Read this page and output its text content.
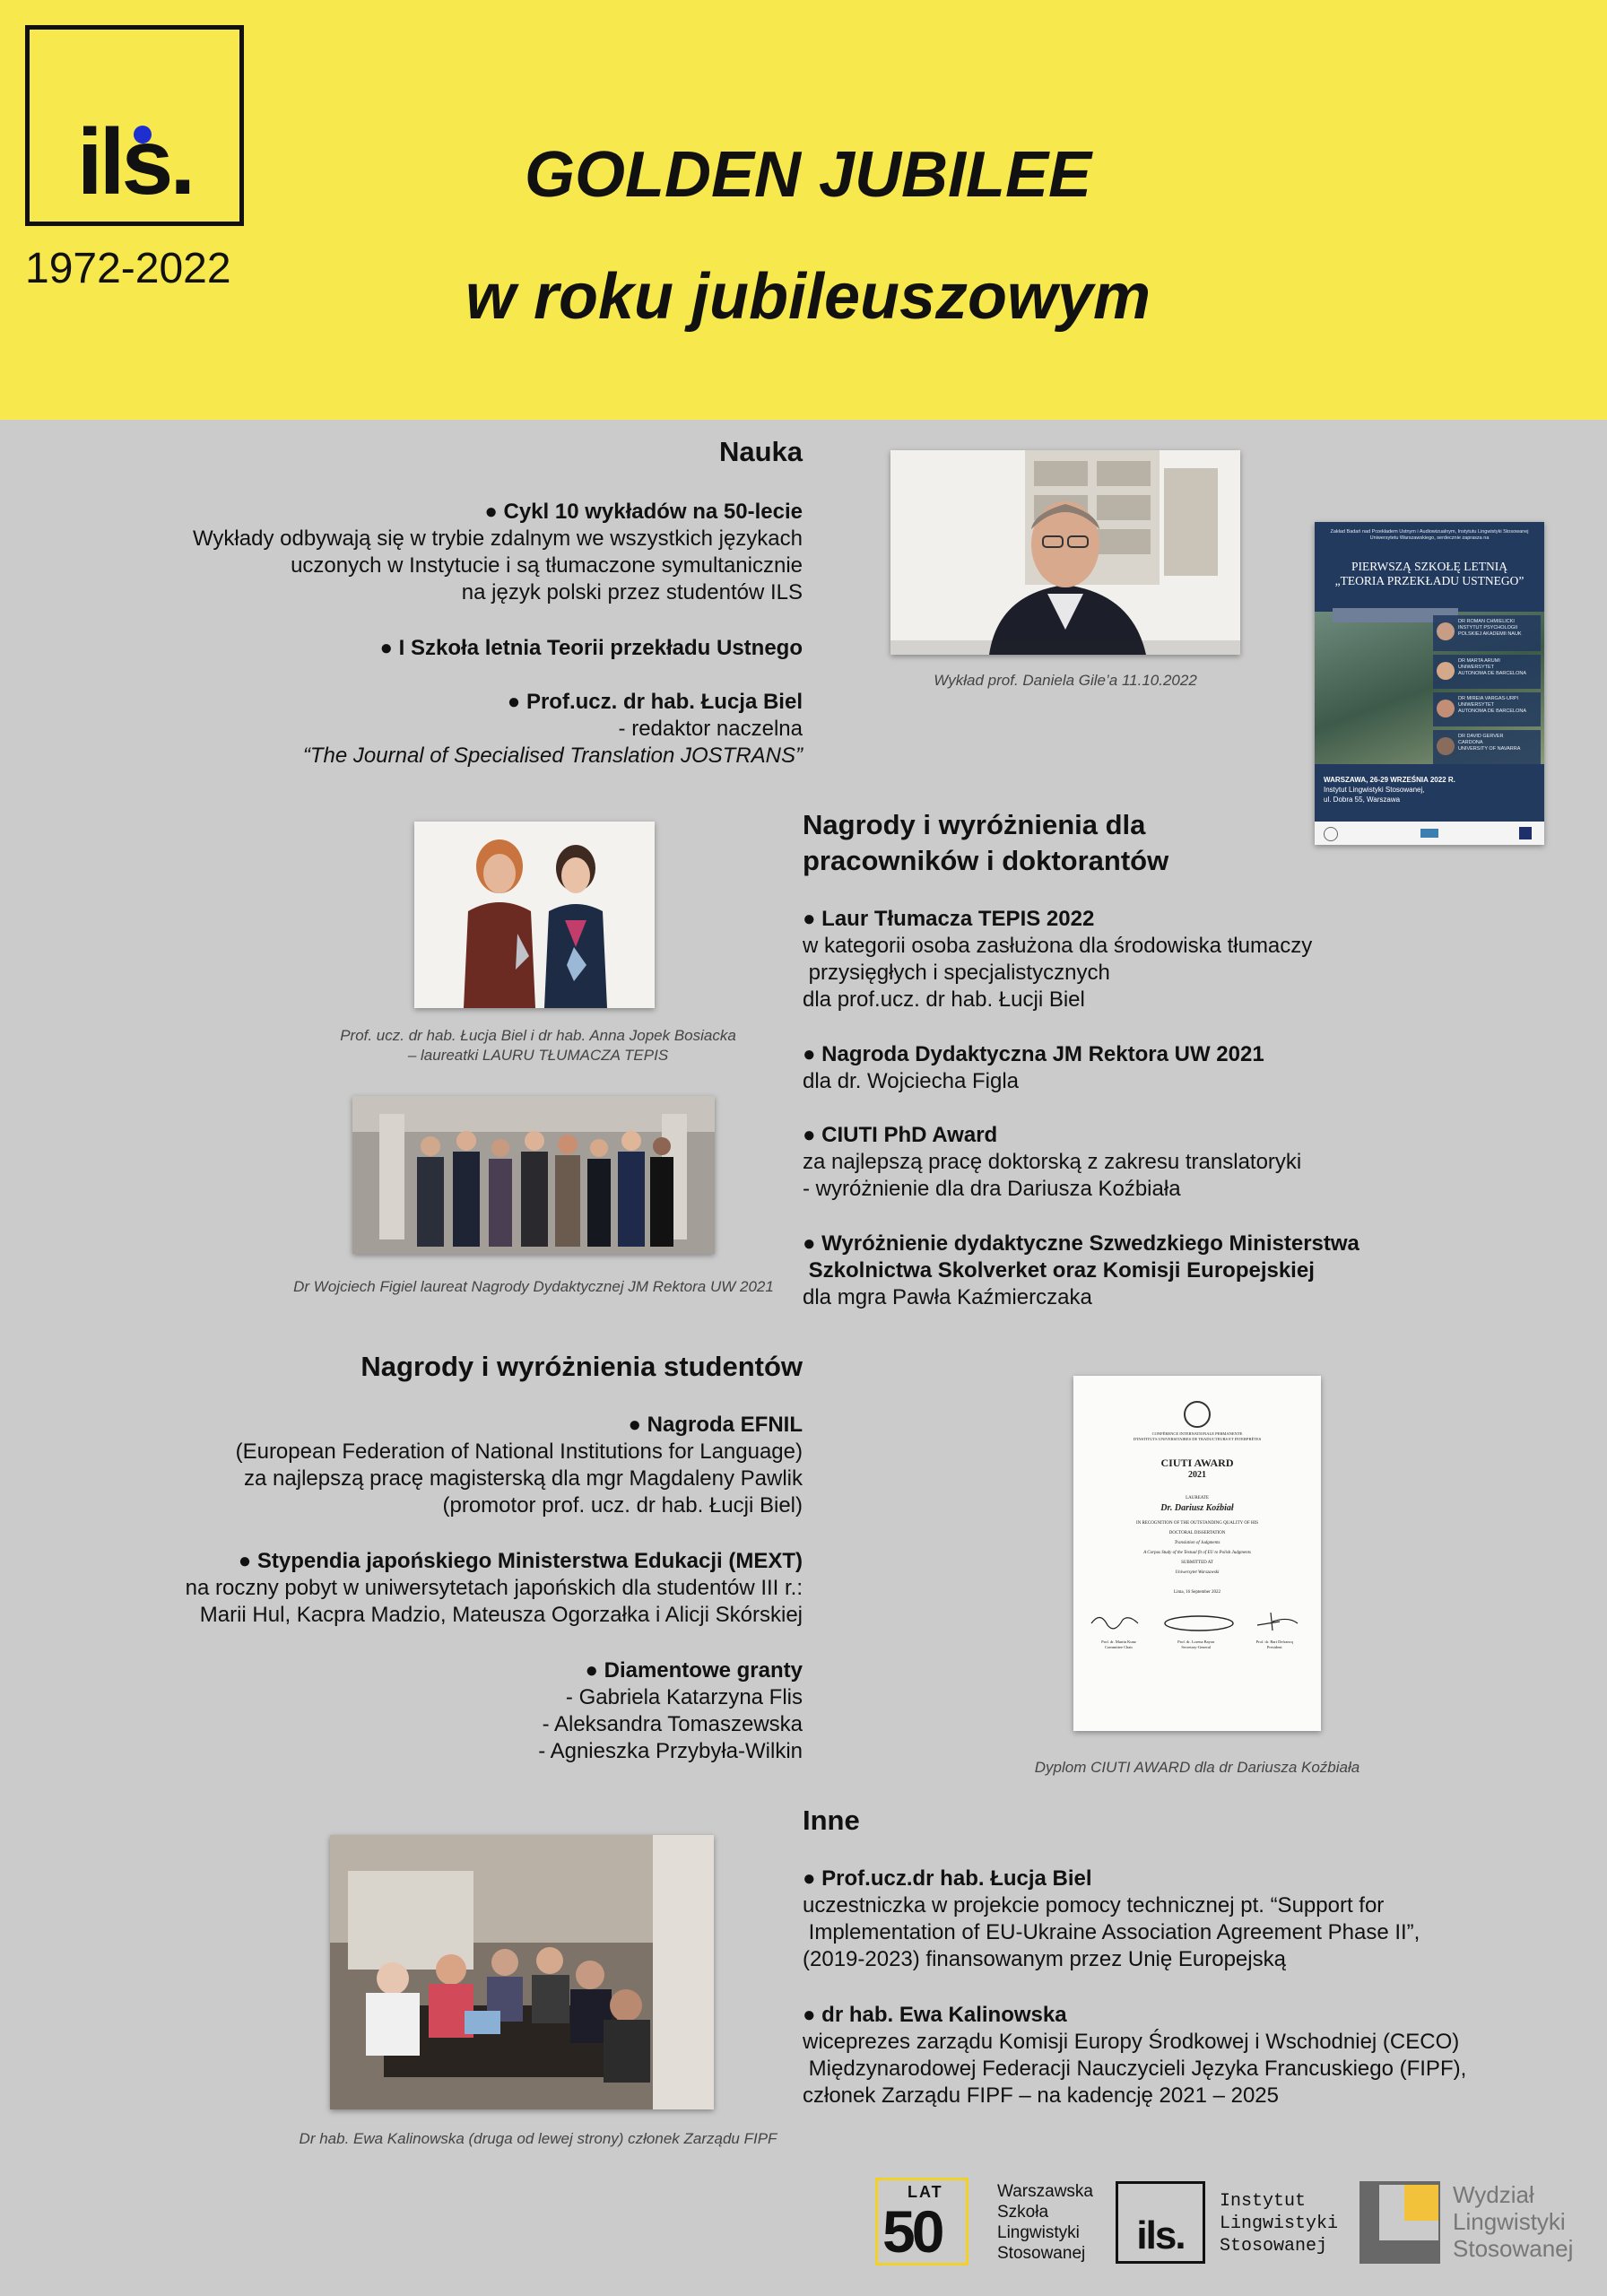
ils.
1972-2022
GOLDEN JUBILEE
w roku jubileuszowym
Nauka
● Cykl 10 wykładów na 50-lecie
Wykłady odbywają się w trybie zdalnym we wszystkich językach
uczonych w Instytucie i są tłumaczone symultanicznie
na język polski przez studentów ILS
● I Szkoła letnia Teorii przekładu Ustnego
● Prof.ucz. dr hab. Łucja Biel
- redaktor naczelna
“The Journal of Specialised Translation JOSTRANS”
Wykład prof. Daniela Gile’a 11.10.2022
Zakład Badań nad Przekładem Ustnym i Audiowizualnym, Instytutu Lingwistyki Stosowanej
Uniwersytetu Warszawskiego, serdecznie zaprasza na
PIERWSZĄ SZKOŁĘ LETNIĄ
„TEORIA PRZEKŁADU USTNEGO”
DR ROMAN CHMIELICKI
INSTYTUT PSYCHOLOGII
POLSKIEJ AKADEMII NAUK
DR MARTA ARUMI
UNIWERSYTET
AUTONOMA DE BARCELONA
DR MIREIA VARGAS-URPI
UNIWERSYTET
AUTONOMA DE BARCELONA
DR DAVID GERVER
CARDONA
UNIVERSITY OF NAVARRA
WARSZAWA, 26-29 WRZEŚNIA 2022 R.
Instytut Lingwistyki Stosowanej,
ul. Dobra 55, Warszawa
Prof. ucz. dr hab. Łucja Biel i dr hab. Anna Jopek Bosiacka
– laureatki LAURU TŁUMACZA TEPIS
Dr Wojciech Figiel laureat Nagrody Dydaktycznej JM Rektora UW 2021
Nagrody i wyróżnienia dla
pracowników i doktorantów
● Laur Tłumacza TEPIS 2022
w kategorii osoba zasłużona dla środowiska tłumaczy
przysięgłych i specjalistycznych
dla prof.ucz. dr hab. Łucji Biel
● Nagroda Dydaktyczna JM Rektora UW 2021
dla dr. Wojciecha Figla
● CIUTI PhD Award
za najlepszą pracę doktorską z zakresu translatoryki
- wyróżnienie dla dra Dariusza Koźbiała
● Wyróżnienie dydaktyczne Szwedzkiego Ministerstwa
Szkolnictwa Skolverket oraz Komisji Europejskiej
dla mgra Pawła Kaźmierczaka
Nagrody i wyróżnienia studentów
● Nagroda EFNIL
(European Federation of National Institutions for Language)
za najlepszą pracę magisterską dla mgr Magdaleny Pawlik
(promotor prof. ucz. dr hab. Łucji Biel)
● Stypendia japońskiego Ministerstwa Edukacji (MEXT)
na roczny pobyt w uniwersytetach japońskich dla studentów III r.:
Marii Hul, Kacpra Madzio, Mateusza Ogorzałka i Alicji Skórskiej
● Diamentowe granty
- Gabriela Katarzyna Flis
- Aleksandra Tomaszewska
- Agnieszka Przybyła-Wilkin
CONFÉRENCE INTERNATIONALE PERMANENTE
D'INSTITUTS UNIVERSITAIRES DE TRADUCTEURS ET INTERPRÈTES
CIUTI AWARD
2021
LAUREATE
Dr. Dariusz Koźbiał
IN RECOGNITION OF THE OUTSTANDING QUALITY OF HIS
DOCTORAL DISSERTATION
Translation of Judgments
A Corpus Study of the Textual fit of EU to Polish Judgments
SUBMITTED AT
Uniwersytet Warszawski
Lima, 16 September 2022
Prof. dr. Martin Kunz
Committee Chair
Prof. dr. Lorena Bayon
Secretary-General
Prof. dr. Bart Defrancq
President
Dyplom CIUTI AWARD dla dr Dariusza Koźbiała
Inne
● Prof.ucz.dr hab. Łucja Biel
uczestniczka w projekcie pomocy technicznej pt. “Support for
Implementation of EU-Ukraine Association Agreement Phase II”,
(2019-2023) finansowanym przez Unię Europejską
● dr hab. Ewa Kalinowska
wiceprezes zarządu Komisji Europy Środkowej i Wschodniej (CECO)
Międzynarodowej Federacji Nauczycieli Języka Francuskiego (FIPF),
członek Zarządu FIPF – na kadencję 2021 – 2025
Dr hab. Ewa Kalinowska (druga od lewej strony) członek Zarządu FIPF
LAT
50
Warszawska
Szkoła
Lingwistyki
Stosowanej	ils.
Instytut
Lingwistyki
Stosowanej
Wydział
Lingwistyki
Stosowanej
